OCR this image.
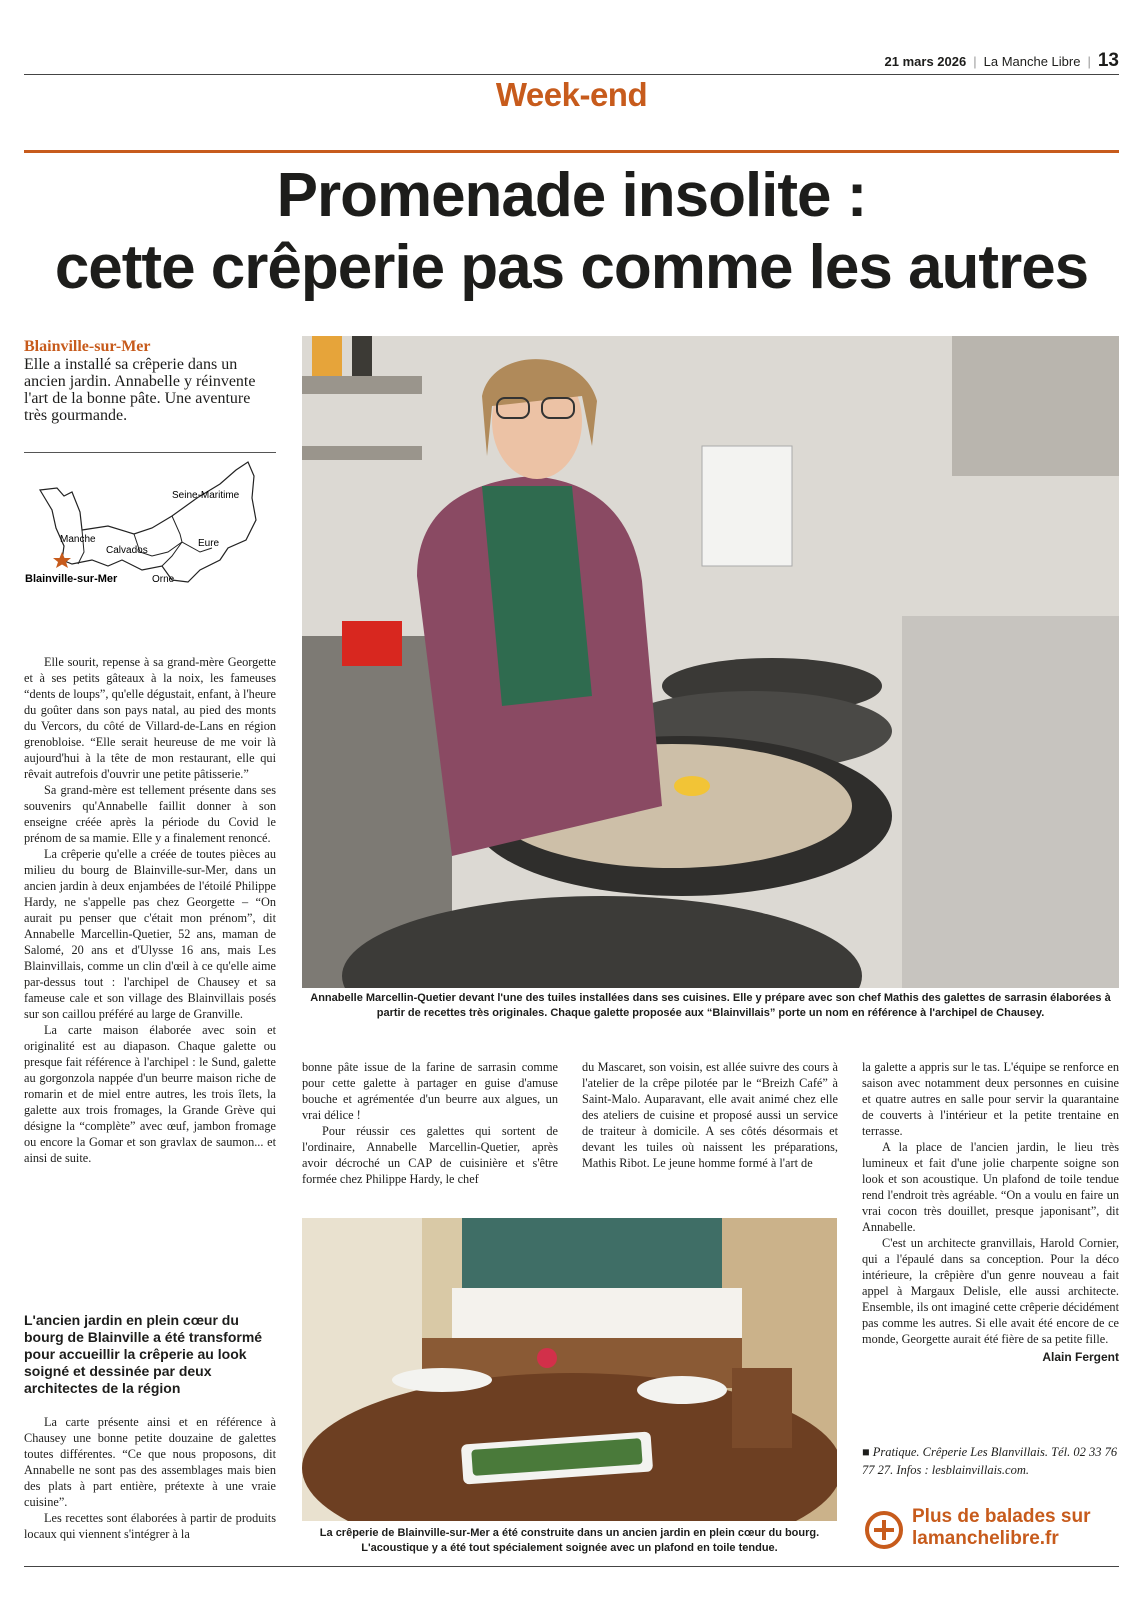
21 mars 2026 | La Manche Libre | 13
Week-end
Promenade insolite :
cette crêperie pas comme les autres
Blainville-sur-Mer
Elle a installé sa crêperie dans un ancien jardin. Annabelle y réinvente l'art de la bonne pâte. Une aventure très gourmande.
Seine-Maritime
Manche
Calvados
Eure
Orne
Blainville-sur-Mer

Elle sourit, repense à sa grand-mère Georgette et à ses petits gâteaux à la noix, les fameuses “dents de loups”, qu'elle dégustait, enfant, à l'heure du goûter dans son pays natal, au pied des monts du Vercors, du côté de Villard-de-Lans en région grenobloise. “Elle serait heureuse de me voir là aujourd'hui à la tête de mon restaurant, elle qui rêvait autrefois d'ouvrir une petite pâtisserie.”

Sa grand-mère est tellement présente dans ses souvenirs qu'Annabelle faillit donner à son enseigne créée après la période du Covid le prénom de sa mamie. Elle y a finalement renoncé.

La crêperie qu'elle a créée de toutes pièces au milieu du bourg de Blainville-sur-Mer, dans un ancien jardin à deux enjambées de l'étoilé Philippe Hardy, ne s'appelle pas chez Georgette – “On aurait pu penser que c'était mon prénom”, dit Annabelle Marcellin-Quetier, 52 ans, maman de Salomé, 20 ans et d'Ulysse 16 ans, mais Les Blainvillais, comme un clin d'œil à ce qu'elle aime par-dessus tout : l'archipel de Chausey et sa fameuse cale et son village des Blainvillais posés sur son caillou préféré au large de Granville.

La carte maison élaborée avec soin et originalité est au diapason. Chaque galette ou presque fait référence à l'archipel : le Sund, galette au gorgonzola nappée d'un beurre maison riche de romarin et de miel entre autres, les trois îlets, la galette aux trois fromages, la Grande Grève qui désigne la “complète” avec œuf, jambon fromage ou encore la Gomar et son gravlax de saumon... et ainsi de suite.

L'ancien jardin en plein cœur du bourg de Blainville a été transformé pour accueillir la crêperie au look soigné et dessinée par deux architectes de la région

La carte présente ainsi et en référence à Chausey une bonne petite douzaine de galettes toutes différentes. “Ce que nous proposons, dit Annabelle ne sont pas des assemblages mais bien des plats à part entière, prétexte à une vraie cuisine”.

Les recettes sont élaborées à partir de produits locaux qui viennent s'intégrer à la

Annabelle Marcellin-Quetier devant l'une des tuiles installées dans ses cuisines. Elle y prépare avec son chef Mathis des galettes de sarrasin élaborées à partir de recettes très originales. Chaque galette proposée aux “Blainvillais” porte un nom en référence à l'archipel de Chausey.

bonne pâte issue de la farine de sarrasin comme pour cette galette à partager en guise d'amuse bouche et agrémentée d'un beurre aux algues, un vrai délice !

Pour réussir ces galettes qui sortent de l'ordinaire, Annabelle Marcellin-Quetier, après avoir décroché un CAP de cuisinière et s'être formée chez Philippe Hardy, le chef

du Mascaret, son voisin, est allée suivre des cours à l'atelier de la crêpe pilotée par le “Breizh Café” à Saint-Malo. Auparavant, elle avait animé chez elle des ateliers de cuisine et proposé aussi un service de traiteur à domicile. A ses côtés désormais et devant les tuiles où naissent les préparations, Mathis Ribot. Le jeune homme formé à l'art de

la galette a appris sur le tas. L'équipe se renforce en saison avec notamment deux personnes en cuisine et quatre autres en salle pour servir la quarantaine de couverts à l'intérieur et la petite trentaine en terrasse.

A la place de l'ancien jardin, le lieu très lumineux et fait d'une jolie charpente soigne son look et son acoustique. Un plafond de toile tendue rend l'endroit très agréable. “On a voulu en faire un vrai cocon très douillet, presque japonisant”, dit Annabelle.

C'est un architecte granvillais, Harold Cornier, qui a l'épaulé dans sa conception. Pour la déco intérieure, la crêpière d'un genre nouveau a fait appel à Margaux Delisle, elle aussi architecte. Ensemble, ils ont imaginé cette crêperie décidément pas comme les autres. Si elle avait été encore de ce monde, Georgette aurait été fière de sa petite fille.

Alain Fergent
■ Pratique. Crêperie Les Blanvillais. Tél. 02 33 76 77 27. Infos : lesblainvillais.com.
La crêperie de Blainville-sur-Mer a été construite dans un ancien jardin en plein cœur du bourg. L'acoustique y a été tout spécialement soignée avec un plafond en toile tendue.
Plus de balades sur
lamanchelibre.fr
